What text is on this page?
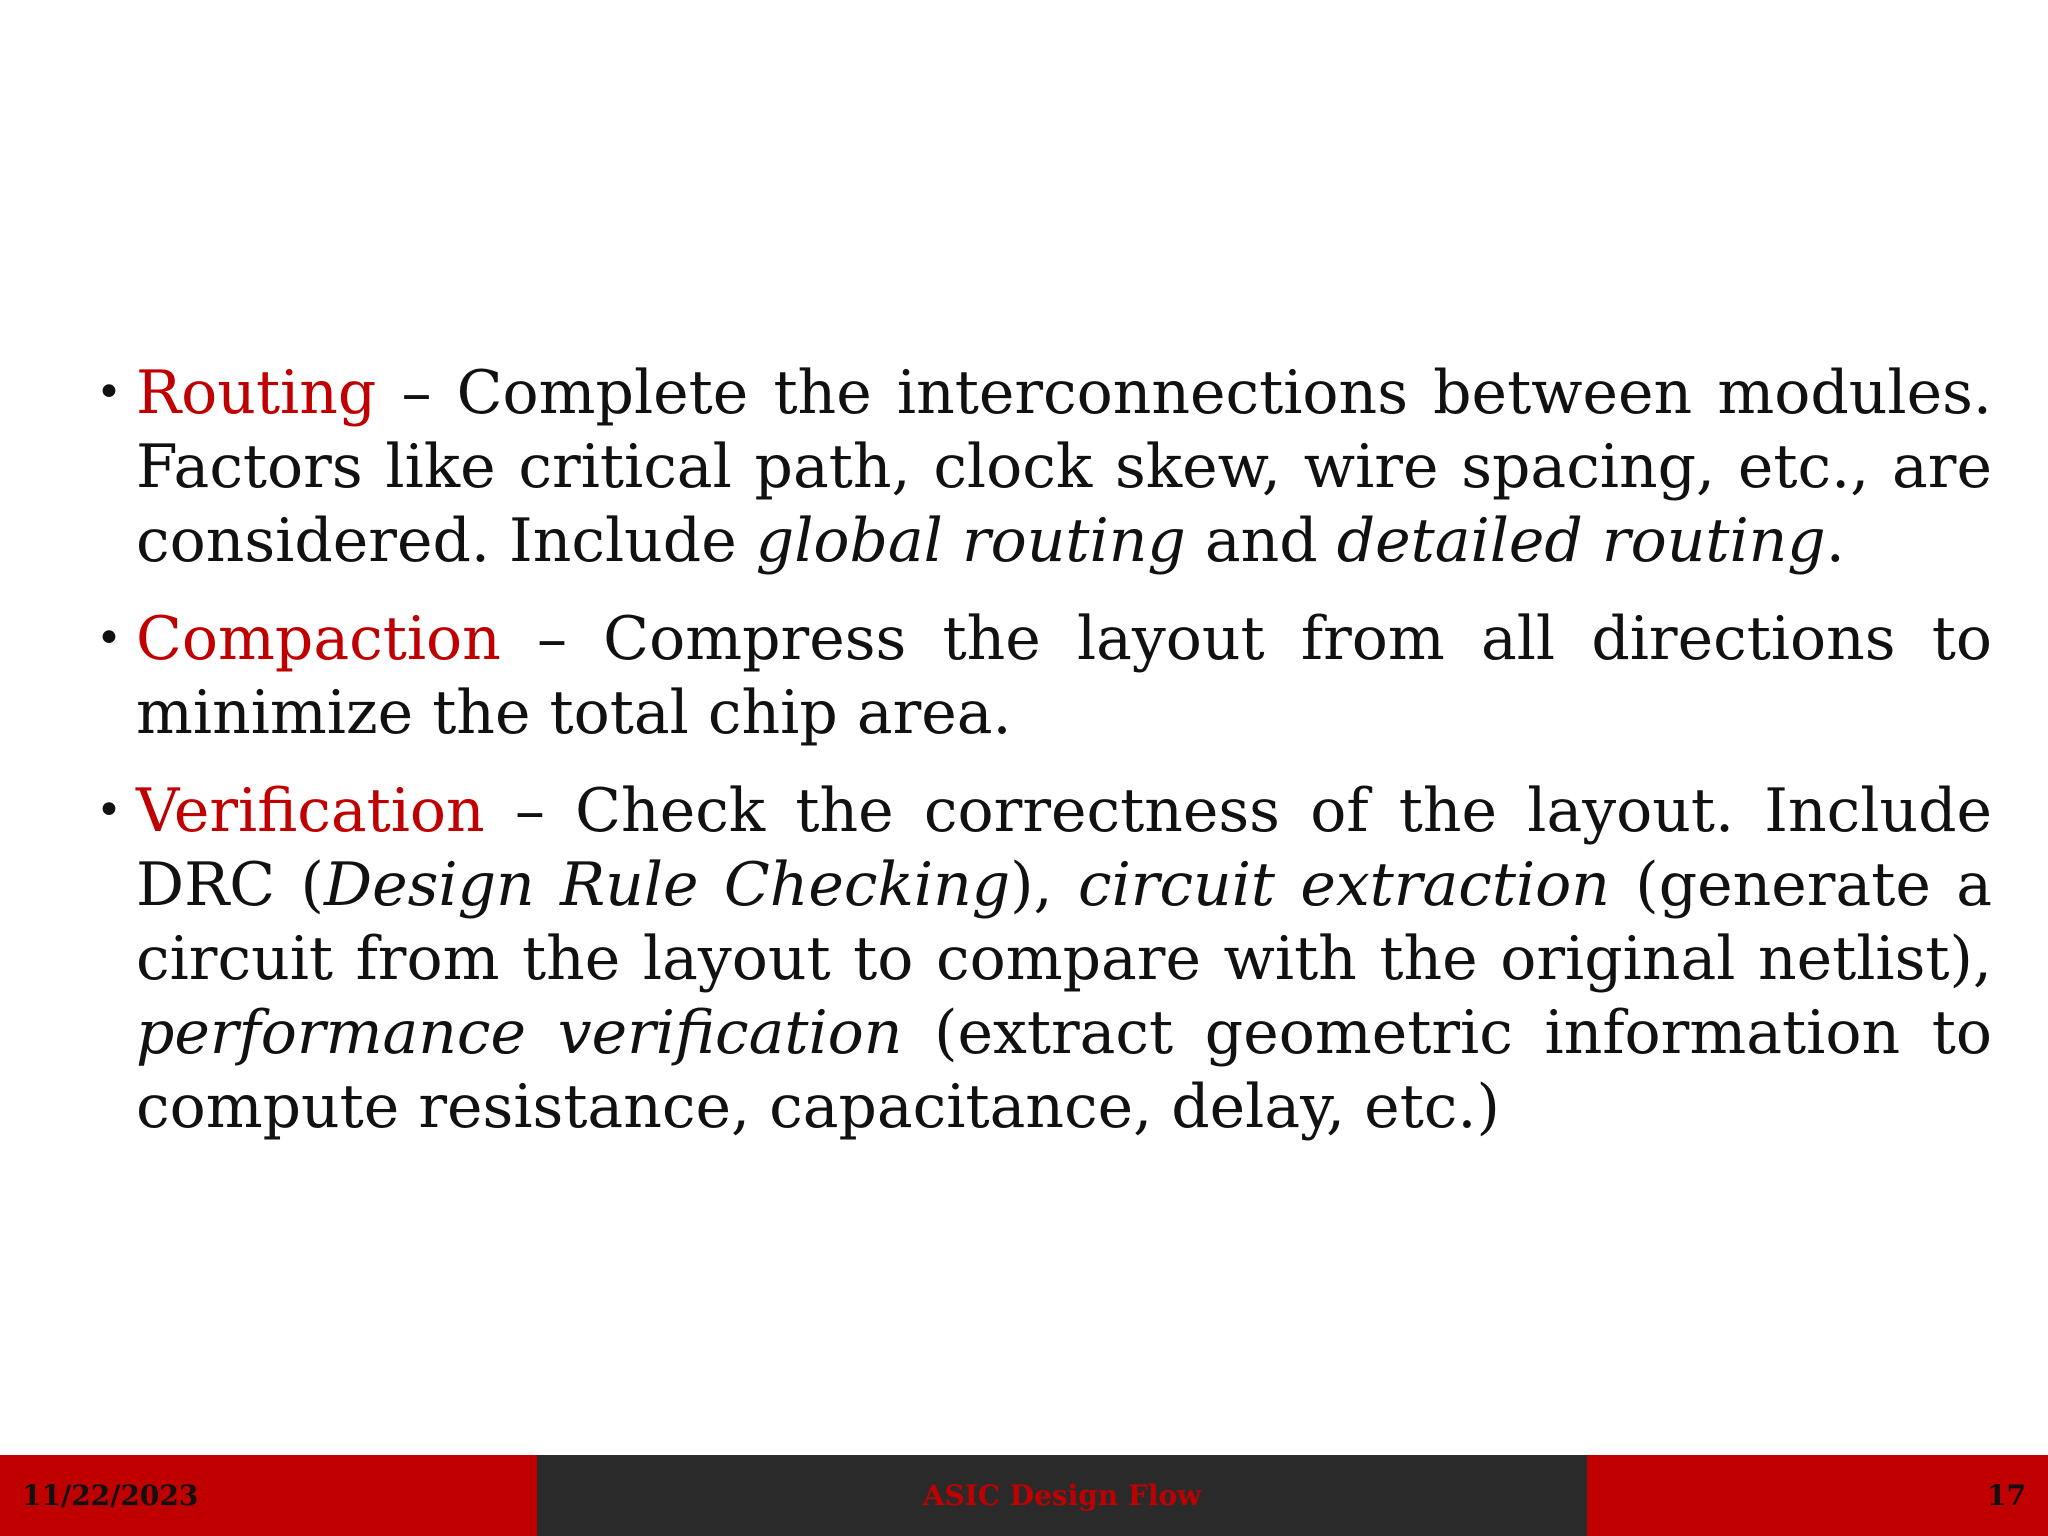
• Routing – Complete the interconnections between modules. Factors like critical path, clock skew, wire spacing, etc., are considered. Include global routing and detailed routing.
• Compaction – Compress the layout from all directions to minimize the total chip area.
• Verification – Check the correctness of the layout. Include DRC (Design Rule Checking), circuit extraction (generate a circuit from the layout to compare with the original netlist), performance verification (extract geometric information to compute resistance, capacitance, delay, etc.)
11/22/2023	ASIC Design Flow	17
